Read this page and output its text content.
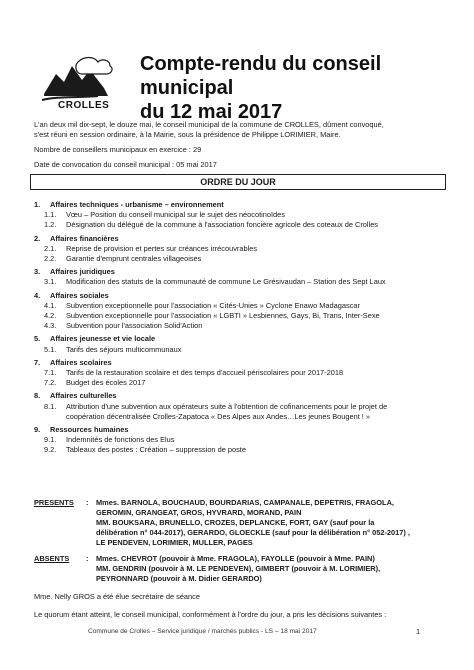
CROLLES
Compte-rendu du conseil municipal
du 12 mai 2017
L'an deux mil dix-sept, le douze mai, le conseil municipal de la commune de CROLLES, dûment convoqué,
s'est réuni en session ordinaire, à la Mairie, sous la présidence de Philippe LORIMIER, Maire.
Nombre de conseillers municipaux en exercice : 29
Date de convocation du conseil municipal : 05 mai 2017
ORDRE DU JOUR
1.	Affaires techniques - urbanisme – environnement
1.1.	Vœu – Position du conseil municipal sur le sujet des néocotinoïdes
1.2.	Désignation du délégué de la commune à l'association foncière agricole des coteaux de Crolles
2.	Affaires financières
2.1.	Reprise de provision et pertes sur créances irrécouvrables
2.2.	Garantie d'emprunt centrales villageoises
3.	Affaires juridiques
3.1.	Modification des statuts de la communauté de commune Le Grésivaudan – Station des Sept Laux
4.	Affaires sociales
4.1.	Subvention exceptionnelle pour l'association « Cités-Unies » Cyclone Enawo Madagascar
4.2.	Subvention exceptionnelle pour l'association « LGBTI » Lesbiennes, Gays, Bi, Trans, Inter-Sexe
4.3.	Subvention pour l'association Solid'Action
5.	Affaires jeunesse et vie locale
5.1.	Tarifs des séjours multicommunaux
7.	Affaires scolaires
7.1.	Tarifs de la restauration scolaire et des temps d'accueil périscolaires pour 2017-2018
7.2.	Budget des écoles 2017
8.	Affaires culturelles
8.1.	Attribution d'une subvention aux opérateurs suite à l'obtention de cofinancements pour le projet de
coopération décentralisée Crolles-Zapatoca « Des Alpes aux Andes…Les jeunes Bougent ! »
9.	Ressources humaines
9.1.	Indemnités de fonctions des Elus
9.2.	Tableaux des postes : Création – suppression de poste
PRESENTS	:	Mmes. BARNOLA, BOUCHAUD, BOURDARIAS, CAMPANALE, DEPETRIS, FRAGOLA,
GEROMIN, GRANGEAT, GROS, HYVRARD, MORAND, PAIN
MM. BOUKSARA, BRUNELLO, CROZES, DEPLANCKE, FORT, GAY (sauf pour la
délibération n° 044-2017), GERARDO, GLOECKLE (sauf pour la délibération n° 052-2017) ,
LE PENDEVEN, LORIMIER, MULLER, PAGES
ABSENTS	:	Mmes. CHEVROT (pouvoir à Mme. FRAGOLA), FAYOLLE (pouvoir à Mme. PAIN)
MM. GENDRIN (pouvoir à M. LE PENDEVEN), GIMBERT (pouvoir à M. LORIMIER),
PEYRONNARD (pouvoir à M. Didier GERARDO)
Mme. Nelly GROS a été élue secrétaire de séance
Le quorum étant atteint, le conseil municipal, conformément à l'ordre du jour, a pris les décisions suivantes :
Commune de Crolles – Service juridique / marchés publics - LS – 18 mai 2017	1
